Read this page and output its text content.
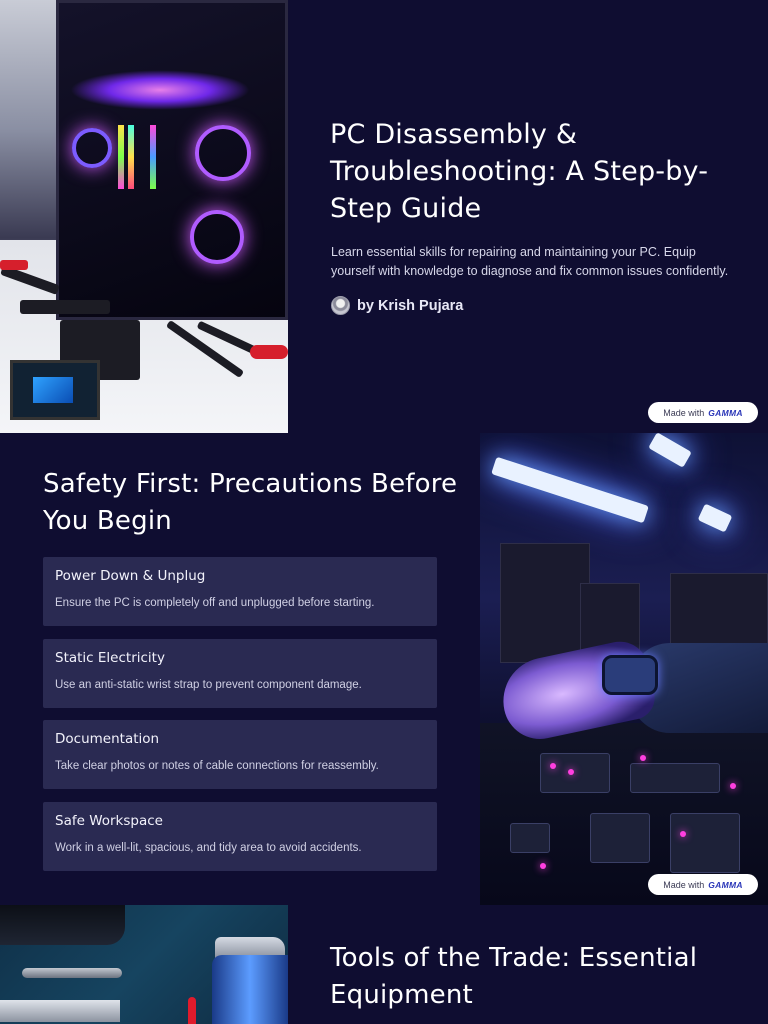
PC Disassembly & Troubleshooting: A Step-by-Step Guide

Learn essential skills for repairing and maintaining your PC. Equip yourself with knowledge to diagnose and fix common issues confidently.

by Krish Pujara
Made with GAMMA
Safety First: Precautions Before You Begin
Power Down & Unplug
Ensure the PC is completely off and unplugged before starting.
Static Electricity
Use an anti-static wrist strap to prevent component damage.
Documentation
Take clear photos or notes of cable connections for reassembly.
Safe Workspace
Work in a well-lit, spacious, and tidy area to avoid accidents.
Made with GAMMA
Tools of the Trade: Essential Equipment
